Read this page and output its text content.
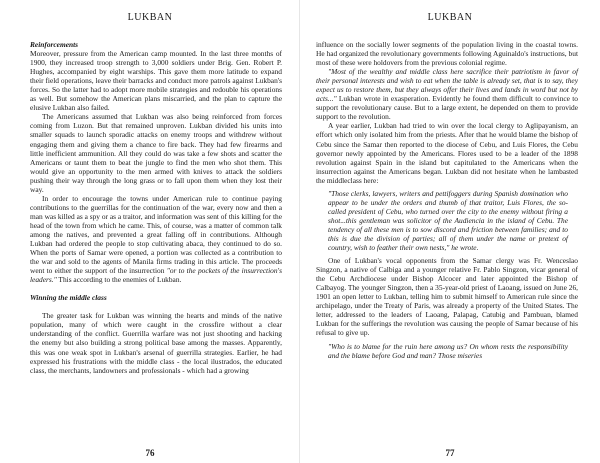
LUKBAN

Reinforcements

Moreover, pressure from the American camp mounted. In the last three months of 1900, they increased troop strength to 3,000 soldiers under Brig. Gen. Robert P. Hughes, accompanied by eight warships. This gave them more latitude to expand their field operations, leave their barracks and conduct more patrols against Lukban's forces. So the latter had to adopt more mobile strategies and redouble his operations as well. But somehow the American plans miscarried, and the plan to capture the elusive Lukban also failed.

The Americans assumed that Lukban was also being reinforced from forces coming from Luzon. But that remained unproven. Lukban divided his units into smaller squads to launch sporadic attacks on enemy troops and withdrew without engaging them and giving them a chance to fire back. They had few firearms and little inefficient ammunition. All they could do was take a few shots and scatter the Americans or taunt them to beat the jungle to find the men who shot them. This would give an opportunity to the men armed with knives to attack the soldiers pushing their way through the long grass or to fall upon them when they lost their way.

In order to encourage the towns under American rule to continue paying contributions to the guerrillas for the continuation of the war, every now and then a man was killed as a spy or as a traitor, and information was sent of this killing for the head of the town from which he came. This, of course, was a matter of common talk among the natives, and prevented a great falling off in contributions. Although Lukban had ordered the people to stop cultivating abaca, they continued to do so. When the ports of Samar were opened, a portion was collected as a contribution to the war and sold to the agents of Manila firms trading in this article. The proceeds went to either the support of the insurrection "or to the pockets of the insurrection's leaders." This according to the enemies of Lukban.

Winning the middle class

The greater task for Lukban was winning the hearts and minds of the native population, many of which were caught in the crossfire without a clear understanding of the conflict. Guerrilla warfare was not just shooting and hacking the enemy but also building a strong political base among the masses. Apparently, this was one weak spot in Lukban's arsenal of guerrilla strategies. Earlier, he had expressed his frustrations with the middle class - the local ilustrados, the educated class, the merchants, landowners and professionals - which had a growing

76
LUKBAN

influence on the socially lower segments of the population living in the coastal towns. He had organized the revolutionary governments following Aguinaldo's instructions, but most of these were holdovers from the previous colonial regime.

"Most of the wealthy and middle class here sacrifice their patriotism in favor of their personal interests and wish to eat when the table is already set, that is to say, they expect us to restore them, but they always offer their lives and lands in word but not by acts..." Lukban wrote in exasperation. Evidently he found them difficult to convince to support the revolutionary cause. But to a large extent, he depended on them to provide support to the revolution.

A year earlier, Lukban had tried to win over the local clergy to Aglipayanism, an effort which only isolated him from the priests. After that he would blame the bishop of Cebu since the Samar then reported to the diocese of Cebu, and Luis Flores, the Cebu governor newly appointed by the Americans. Flores used to be a leader of the 1898 revolution against Spain in the island but capitulated to the Americans when the insurrection against the Americans began. Lukban did not hesitate when he lambasted the middleclass here:

"Those clerks, lawyers, writers and pettifoggers during Spanish domination who appear to be under the orders and thumb of that traitor, Luis Flores, the so-called president of Cebu, who turned over the city to the enemy without firing a shot...this gentleman was solicitor of the Audiencia in the island of Cebu. The tendency of all these men is to sow discord and friction between families; and to this is due the division of parties; all of them under the name or pretext of country, wish to feather their own nests," he wrote.

One of Lukban's vocal opponents from the Samar clergy was Fr. Wenceslao Singzon, a native of Calbiga and a younger relative Fr. Pablo Singzon, vicar general of the Cebu Archdiocese under Bishop Alcocer and later appointed the Bishop of Calbayog. The younger Singzon, then a 35-year-old priest of Laoang, issued on June 26, 1901 an open letter to Lukban, telling him to submit himself to American rule since the archipelago, under the Treaty of Paris, was already a property of the United States. The letter, addressed to the leaders of Laoang, Palapag, Catubig and Pambuan, blamed Lukban for the sufferings the revolution was causing the people of Samar because of his refusal to give up.

"Who is to blame for the ruin here among us? On whom rests the responsibility and the blame before God and man? Those miseries

77
